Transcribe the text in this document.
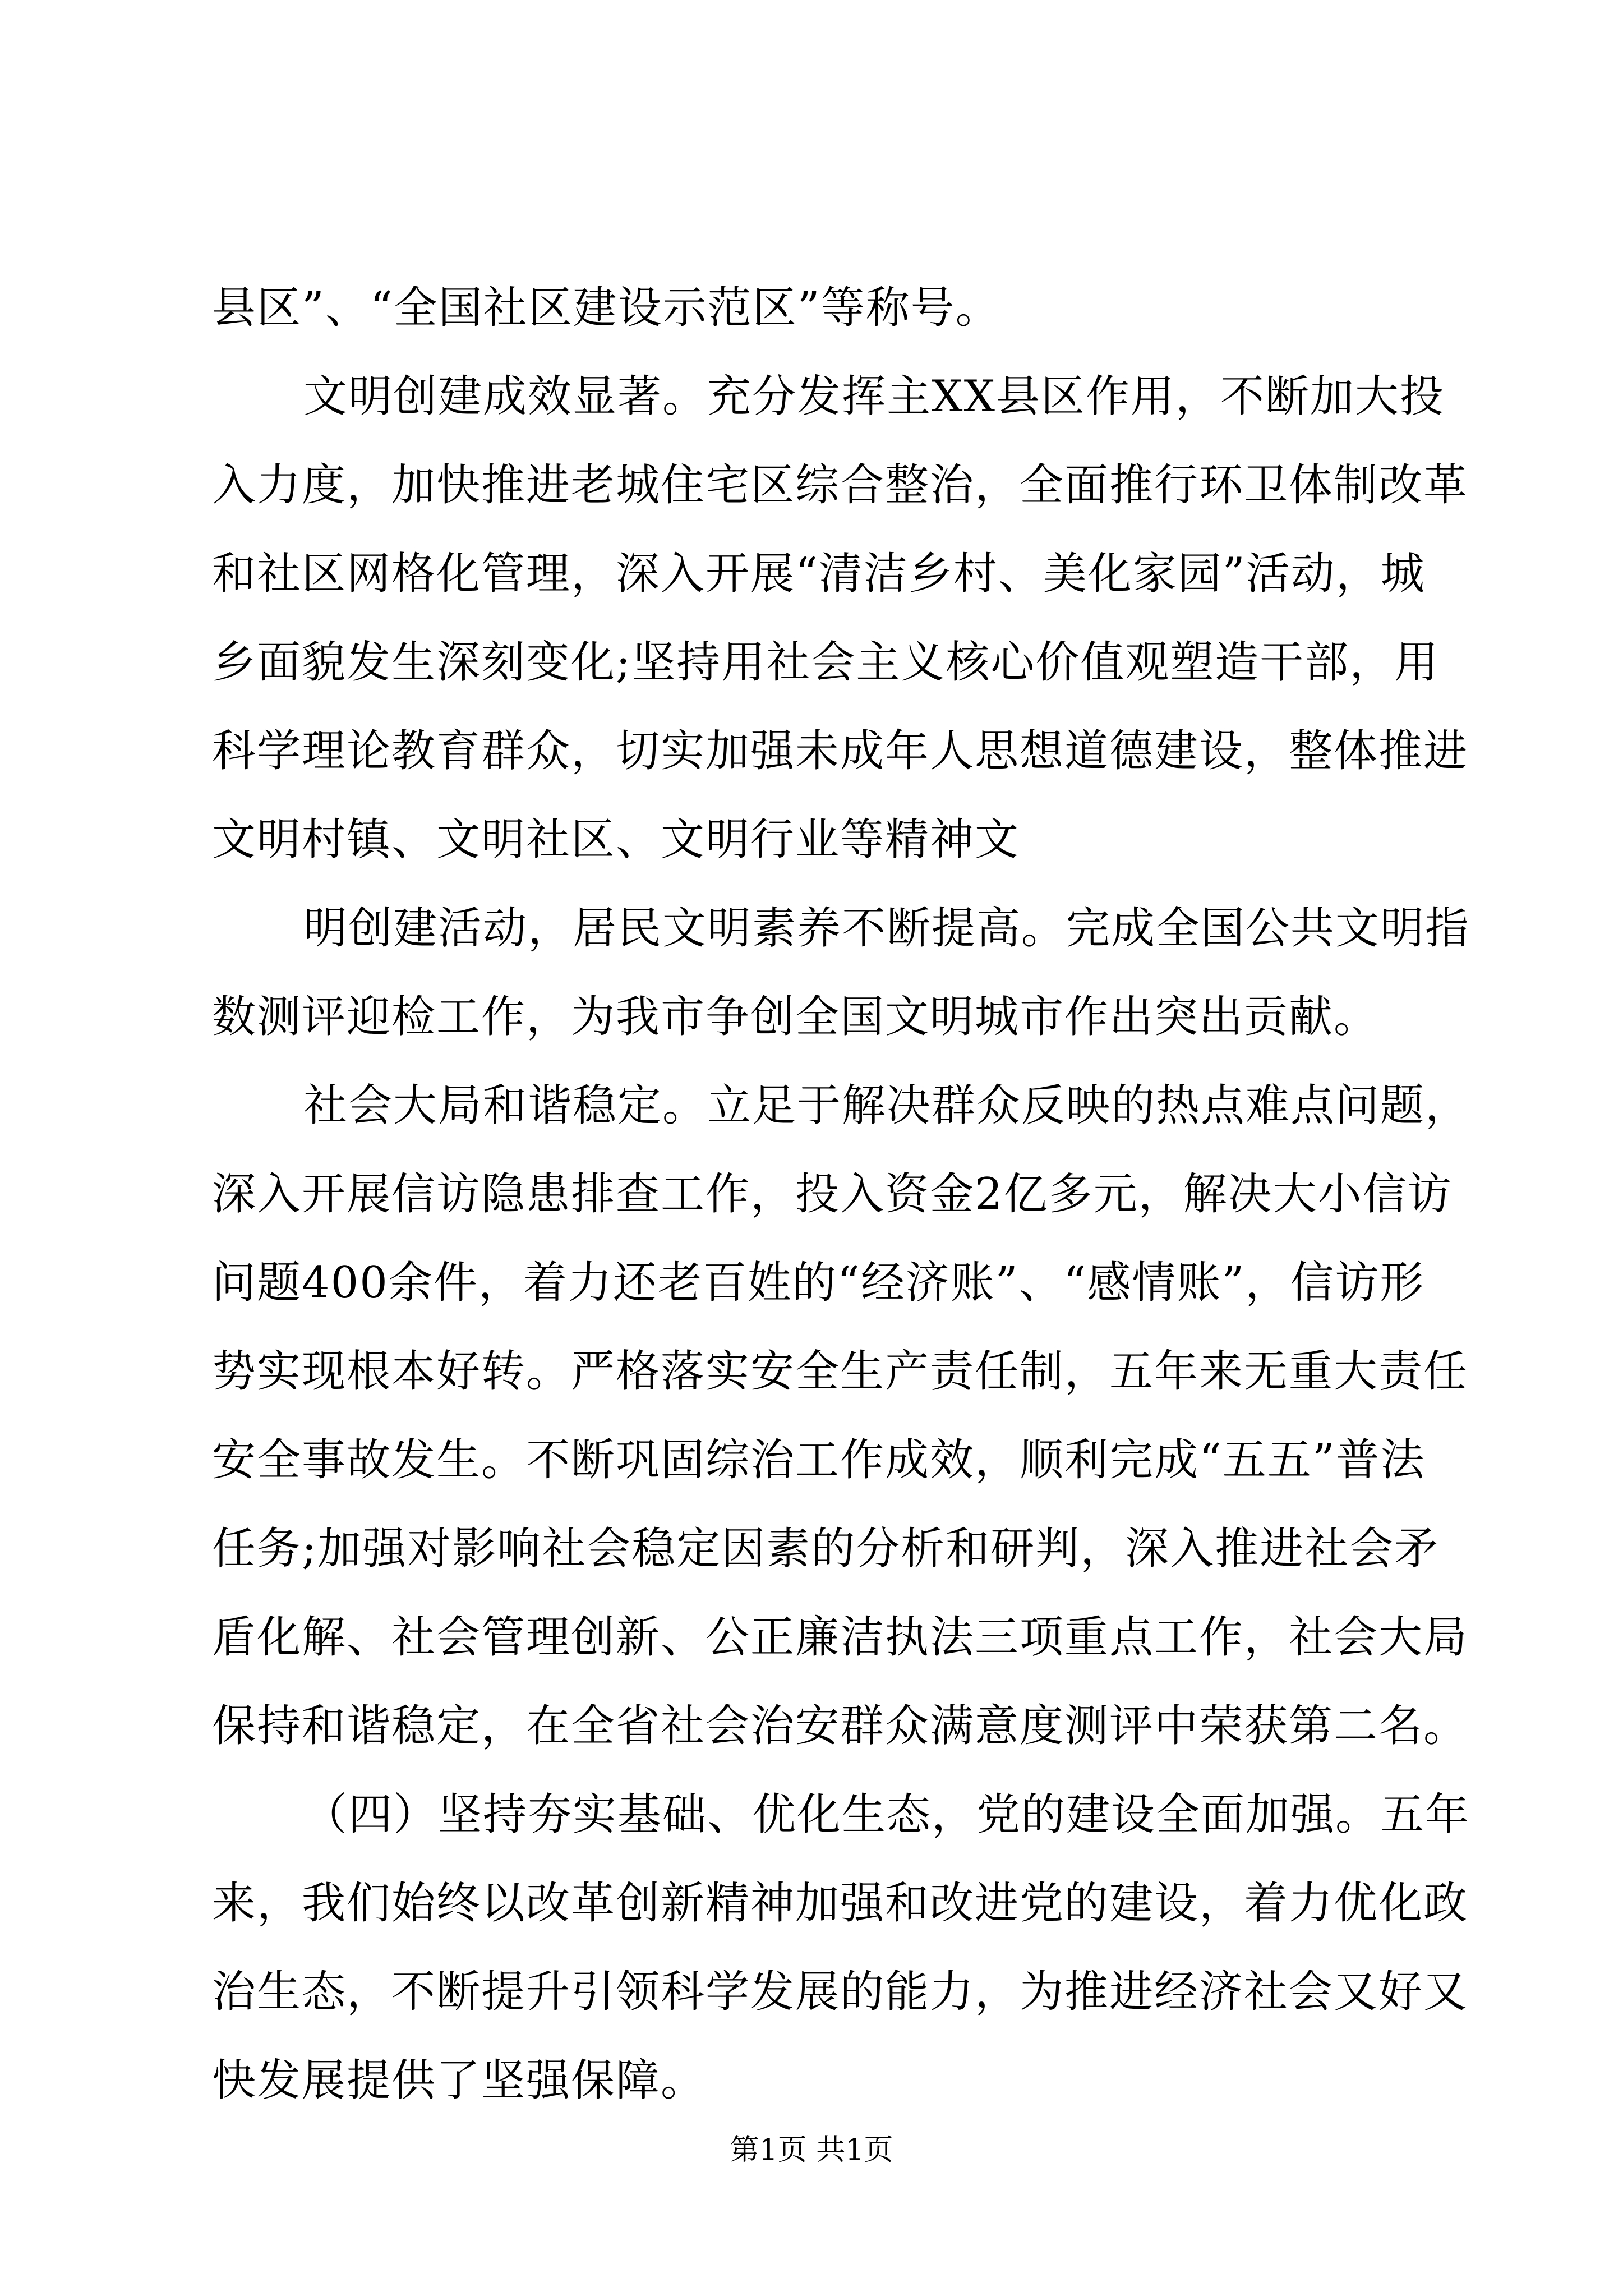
县区”、“全国社区建设示范区”等称号。
文明创建成效显著。充分发挥主XX县区作用，不断加大投
入力度，加快推进老城住宅区综合整治，全面推行环卫体制改革
和社区网格化管理，深入开展“清洁乡村、美化家园”活动，城
乡面貌发生深刻变化;坚持用社会主义核心价值观塑造干部，用
科学理论教育群众，切实加强未成年人思想道德建设，整体推进
文明村镇、文明社区、文明行业等精神文
明创建活动，居民文明素养不断提高。完成全国公共文明指
数测评迎检工作，为我市争创全国文明城市作出突出贡献。
社会大局和谐稳定。立足于解决群众反映的热点难点问题，
深入开展信访隐患排查工作，投入资金2亿多元，解决大小信访
问题400余件，着力还老百姓的“经济账”、“感情账”，信访形
势实现根本好转。严格落实安全生产责任制，五年来无重大责任
安全事故发生。不断巩固综治工作成效，顺利完成“五五”普法
任务;加强对影响社会稳定因素的分析和研判，深入推进社会矛
盾化解、社会管理创新、公正廉洁执法三项重点工作，社会大局
保持和谐稳定，在全省社会治安群众满意度测评中荣获第二名。
（四）坚持夯实基础、优化生态，党的建设全面加强。五年
来，我们始终以改革创新精神加强和改进党的建设，着力优化政
治生态，不断提升引领科学发展的能力，为推进经济社会又好又
快发展提供了坚强保障。
第1页 共1页
